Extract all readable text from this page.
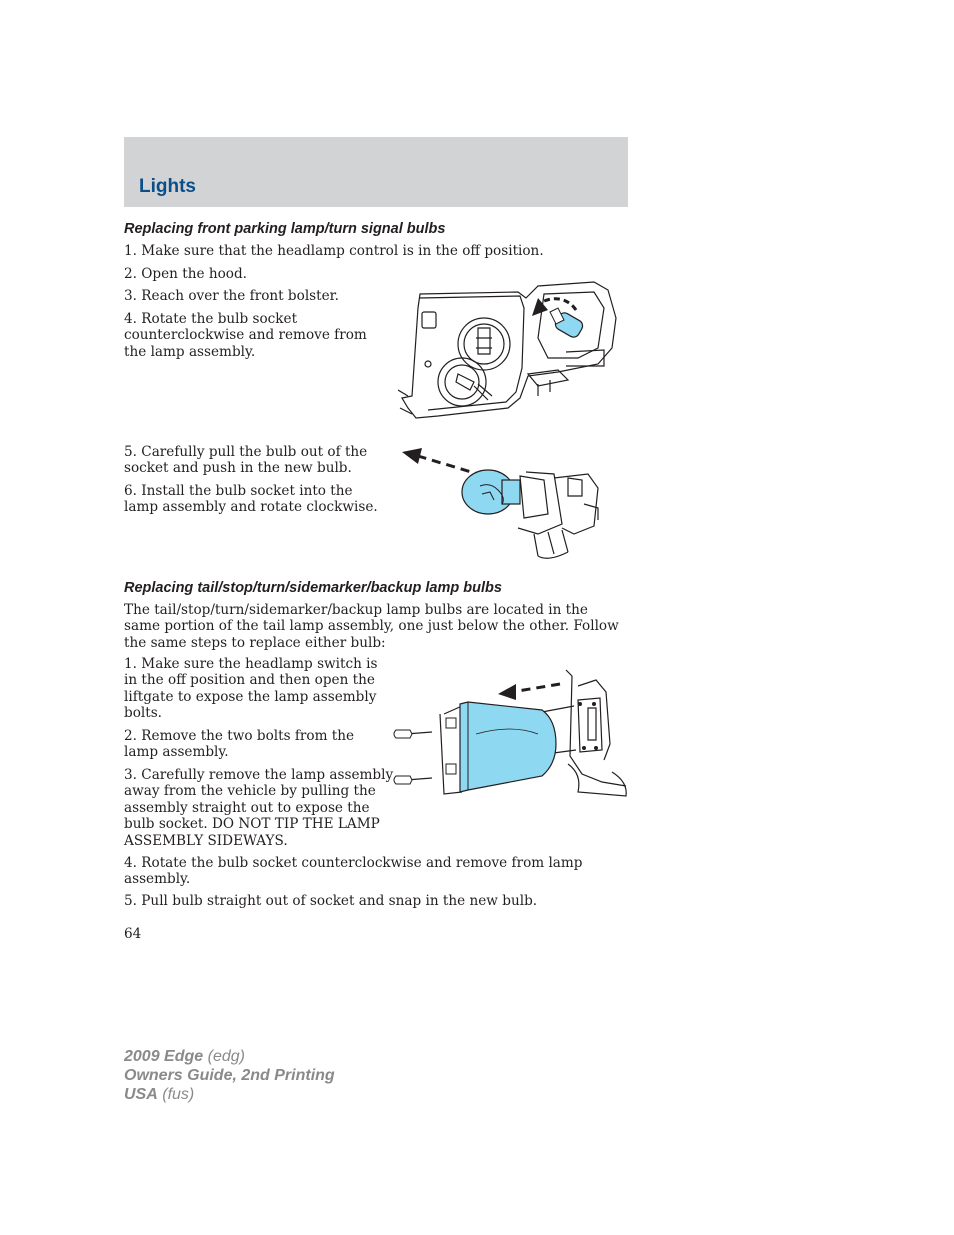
Lights
Replacing front parking lamp/turn signal bulbs

1. Make sure that the headlamp control is in the off position.

2. Open the hood.

3. Reach over the front bolster.

4. Rotate the bulb socket counterclockwise and remove from the lamp assembly.

5. Carefully pull the bulb out of the socket and push in the new bulb.

6. Install the bulb socket into the lamp assembly and rotate clockwise.

Replacing tail/stop/turn/sidemarker/backup lamp bulbs

The tail/stop/turn/sidemarker/backup lamp bulbs are located in the same portion of the tail lamp assembly, one just below the other. Follow the same steps to replace either bulb:

1. Make sure the headlamp switch is in the off position and then open the liftgate to expose the lamp assembly bolts.

2. Remove the two bolts from the lamp assembly.

3. Carefully remove the lamp assembly away from the vehicle by pulling the assembly straight out to expose the bulb socket. DO NOT TIP THE LAMP ASSEMBLY SIDEWAYS.

4. Rotate the bulb socket counterclockwise and remove from lamp assembly.

5. Pull bulb straight out of socket and snap in the new bulb.

64
2009 Edge (edg)
Owners Guide, 2nd Printing
USA (fus)
